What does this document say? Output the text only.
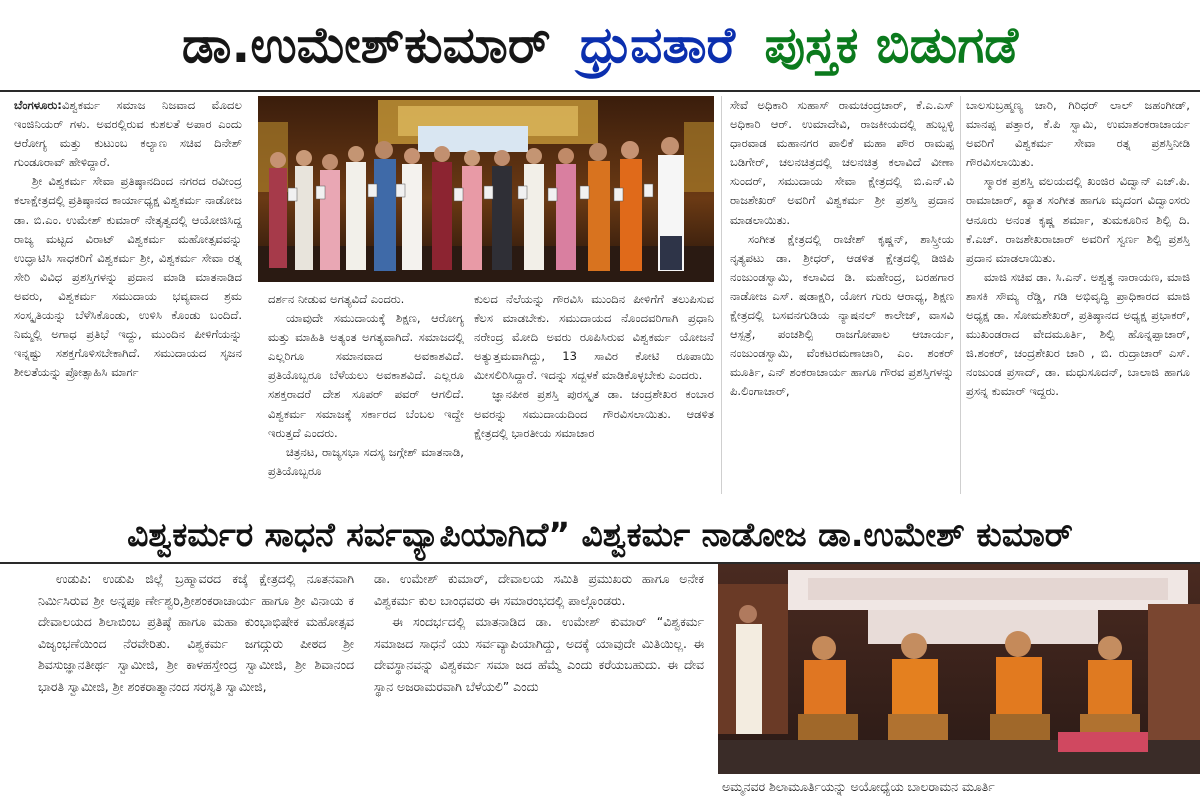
ಡಾ.ಉಮೇಶ್‌ಕುಮಾರ್ ಧ್ರುವತಾರೆ ಪುಸ್ತಕ ಬಿಡುಗಡೆ

ಬೆಂಗಳೂರು:ವಿಶ್ವಕರ್ಮ ಸಮಾಜ ನಿಜವಾದ ಮೊದಲ ಇಂಜಿನಿಯರ್ ಗಳು. ಅವರಲ್ಲಿರುವ ಕುಶಲತೆ ಅಪಾರ ಎಂದು ಆರೋಗ್ಯ ಮತ್ತು ಕುಟುಂಬ ಕಲ್ಯಾಣ ಸಚಿವ ದಿನೇಶ್ ಗುಂಡೂರಾವ್ ಹೇಳಿದ್ದಾರೆ.

ಶ್ರೀ ವಿಶ್ವಕರ್ಮ ಸೇವಾ ಪ್ರತಿಷ್ಠಾನದಿಂದ ನಗರದ ರವೀಂದ್ರ ಕಲಾಕ್ಷೇತ್ರದಲ್ಲಿ ಪ್ರತಿಷ್ಠಾನದ ಕಾರ್ಯಾಧ್ಯಕ್ಷ ವಿಶ್ವಕರ್ಮ ನಾಡೋಜ ಡಾ. ಬಿ.ಎಂ. ಉಮೇಶ್ ಕುಮಾರ್ ನೇತೃತ್ವದಲ್ಲಿ ಆಯೋಜಿಸಿದ್ದ ರಾಜ್ಯ ಮಟ್ಟದ ವಿರಾಟ್ ವಿಶ್ವಕರ್ಮ ಮಹೋತ್ಸವವನ್ನು ಉದ್ಘಾಟಿಸಿ ಸಾಧಕರಿಗೆ ವಿಶ್ವಕರ್ಮ ಶ್ರೀ, ವಿಶ್ವಕರ್ಮ ಸೇವಾ ರತ್ನ ಸೇರಿ ವಿವಿಧ ಪ್ರಶಸ್ತಿಗಳನ್ನು ಪ್ರದಾನ ಮಾಡಿ ಮಾತನಾಡಿದ ಅವರು, ವಿಶ್ವಕರ್ಮ ಸಮುದಾಯ ಭವ್ಯವಾದ ಶ್ರಮ ಸಂಸ್ಕೃತಿಯನ್ನು ಬೆಳೆಸಿಕೊಂಡು, ಉಳಿಸಿ ಕೊಂಡು ಬಂದಿದೆ. ನಿಮ್ಮಲ್ಲಿ ಅಗಾಧ ಪ್ರತಿಭೆ ಇದ್ದು, ಮುಂದಿನ ಪೀಳಿಗೆಯನ್ನು ಇನ್ನಷ್ಟು ಸಶಕ್ತಗೊಳಿಸಬೇಕಾಗಿದೆ. ಸಮುದಾಯದ ಸೃಜನ ಶೀಲತೆಯನ್ನು ಪ್ರೋತ್ಸಾಹಿಸಿ ಮಾರ್ಗ

ದರ್ಶನ ನೀಡುವ ಅಗತ್ಯವಿದೆ ಎಂದರು.

ಯಾವುದೇ ಸಮುದಾಯಕ್ಕೆ ಶಿಕ್ಷಣ, ಆರೋಗ್ಯ ಮತ್ತು ಮಾಹಿತಿ ಅತ್ಯಂತ ಅಗತ್ಯವಾಗಿದೆ. ಸಮಾಜದಲ್ಲಿ ಎಲ್ಲರಿಗೂ ಸಮಾನವಾದ ಅವಕಾಶವಿದೆ. ಪ್ರತಿಯೊಬ್ಬರೂ ಬೆಳೆಯಲು ಅವಕಾಶವಿದೆ. ಎಲ್ಲರೂ ಸಶಕ್ತರಾದರೆ ದೇಶ ಸೂಪರ್ ಪವರ್ ಆಗಲಿದೆ. ವಿಶ್ವಕರ್ಮ ಸಮಾಜಕ್ಕೆ ಸರ್ಕಾರದ ಬೆಂಬಲ ಇದ್ದೇ ಇರುತ್ತದೆ ಎಂದರು.

ಚಿತ್ರನಟ, ರಾಜ್ಯಸಭಾ ಸದಸ್ಯ ಜಗ್ಗೇಶ್ ಮಾತನಾಡಿ, ಪ್ರತಿಯೊಬ್ಬರೂ

ಕುಲದ ನೆಲೆಯನ್ನು ಗೌರವಿಸಿ ಮುಂದಿನ ಪೀಳಿಗೆಗೆ ತಲುಪಿಸುವ ಕೆಲಸ ಮಾಡಬೇಕು. ಸಮುದಾಯದ ನೊಂದವರಿಗಾಗಿ ಪ್ರಧಾನಿ ನರೇಂದ್ರ ಮೋದಿ ಅವರು ರೂಪಿಸಿರುವ ವಿಶ್ವಕರ್ಮ ಯೋಜನೆ ಅತ್ಯುತ್ತಮವಾಗಿದ್ದು, 13 ಸಾವಿರ ಕೋಟಿ ರೂಪಾಯಿ ಮೀಸಲಿರಿಸಿದ್ದಾರೆ. ಇದನ್ನು ಸದ್ಬಳಕೆ ಮಾಡಿಕೊಳ್ಳಬೇಕು ಎಂದರು.

ಜ್ಞಾನಪೀಠ ಪ್ರಶಸ್ತಿ ಪುರಸ್ಕೃತ ಡಾ. ಚಂದ್ರಶೇಖರ ಕಂಬಾರ ಅವರನ್ನು ಸಮುದಾಯದಿಂದ ಗೌರವಿಸಲಾಯಿತು. ಆಡಳಿತ ಕ್ಷೇತ್ರದಲ್ಲಿ ಭಾರತೀಯ ಸಮಾಚಾರ

ಸೇವೆ ಅಧಿಕಾರಿ ಸುಹಾಸ್ ರಾಮಚಂದ್ರಚಾರ್, ಕೆ.ಎ.ಎಸ್ ಅಧಿಕಾರಿ ಆರ್. ಉಮಾದೇವಿ, ರಾಜಕೀಯದಲ್ಲಿ ಹುಬ್ಬಳ್ಳಿ ಧಾರವಾಡ ಮಹಾನಗರ ಪಾಲಿಕೆ ಮಹಾ ಪೌರ ರಾಮಪ್ಪ ಬಡಿಗೇರ್, ಚಲನಚಿತ್ರದಲ್ಲಿ ಚಲನಚಿತ್ರ ಕಲಾವಿದೆ ವೀಣಾ ಸುಂದರ್, ಸಮುದಾಯ ಸೇವಾ ಕ್ಷೇತ್ರದಲ್ಲಿ ಬಿ.ಎನ್.ವಿ ರಾಜಶೇಖರ್ ಅವರಿಗೆ ವಿಶ್ವಕರ್ಮ ಶ್ರೀ ಪ್ರಶಸ್ತಿ ಪ್ರದಾನ ಮಾಡಲಾಯಿತು.

ಸಂಗೀತ ಕ್ಷೇತ್ರದಲ್ಲಿ ರಾಜೇಶ್ ಕೃಷ್ಣನ್, ಶಾಸ್ತ್ರೀಯ ನೃತ್ಯಪಟು ಡಾ. ಶ್ರೀಧರ್, ಆಡಳಿತ ಕ್ಷೇತ್ರದಲ್ಲಿ ಡಿಜಿಪಿ ನಂಜುಂಡಸ್ವಾಮಿ, ಕಲಾವಿದ ಡಿ. ಮಹೇಂದ್ರ, ಬರಹಗಾರ ನಾಡೋಜ ಎಸ್. ಷಡಾಕ್ಷರಿ, ಯೋಗ ಗುರು ಆರಾಧ್ಯ, ಶಿಕ್ಷಣ ಕ್ಷೇತ್ರದಲ್ಲಿ ಬಸವನಗುಡಿಯ ನ್ಯಾಷನಲ್ ಕಾಲೇಜ್, ವಾಸವಿ ಆಸ್ಪತ್ರೆ, ಪಂಚಶಿಲ್ಪಿ ರಾಜಗೋಪಾಲ ಆಚಾರ್ಯ, ನಂಜುಂಡಸ್ವಾಮಿ, ವೆಂಕಟರಮಣಾಚಾರಿ, ಎಂ. ಶಂಕರ್ ಮೂರ್ತಿ, ಎನ್ ಶಂಕರಾಚಾರ್ಯ ಹಾಗೂ ಗೌರವ ಪ್ರಶಸ್ತಿಗಳನ್ನು ಪಿ.ಲಿಂಗಾಚಾರ್,

ಬಾಲಸುಬ್ರಹ್ಮಣ್ಯ ಚಾರಿ, ಗಿರಿಧರ್ ಲಾಲ್ ಜಹಂಗೀಡ್, ಮಾನಪ್ಪ ಪತ್ತಾರ, ಕೆ.ಪಿ ಸ್ವಾಮಿ, ಉಮಾಶಂಕರಾಚಾರ್ಯ ಅವರಿಗೆ ವಿಶ್ವಕರ್ಮ ಸೇವಾ ರತ್ನ ಪ್ರಶಸ್ತಿನೀಡಿ ಗೌರವಿಸಲಾಯಿತು.

ಸ್ಮಾರಕ ಪ್ರಶಸ್ತಿ ವಲಯದಲ್ಲಿ ಖಂಜಿರ ವಿದ್ವಾನ್ ಎಚ್.ಪಿ. ರಾಮಾಚಾರ್, ಖ್ಯಾತ ಸಂಗೀತ ಹಾಗೂ ಮೃದಂಗ ವಿದ್ವಾಂಸರು ಆನೂರು ಅನಂತ ಕೃಷ್ಣ ಶರ್ಮಾ, ತುಮಕೂರಿನ ಶಿಲ್ಪಿ ದಿ. ಕೆ.ಎಚ್. ರಾಜಶೇಖರಾಚಾರ್ ಅವರಿಗೆ ಸ್ವರ್ಣ ಶಿಲ್ಪಿ ಪ್ರಶಸ್ತಿ ಪ್ರದಾನ ಮಾಡಲಾಯಿತು.

ಮಾಜಿ ಸಚಿವ ಡಾ. ಸಿ.ಎನ್. ಅಶ್ವತ್ಥ ನಾರಾಯಣ, ಮಾಜಿ ಶಾಸಕಿ ಸೌಮ್ಯ ರೆಡ್ಡಿ, ಗಡಿ ಅಭಿವೃದ್ಧಿ ಪ್ರಾಧಿಕಾರದ ಮಾಜಿ ಅಧ್ಯಕ್ಷ ಡಾ. ಸೋಮಶೇಖರ್, ಪ್ರತಿಷ್ಠಾನದ ಅಧ್ಯಕ್ಷ ಪ್ರಭಾಕರ್, ಮುಖಂಡರಾದ ವೇದಮೂರ್ತಿ, ಶಿಲ್ಪಿ ಹೊನ್ನಪ್ಪಾಚಾರ್, ಜಿ.ಶಂಕರ್, ಚಂದ್ರಶೇಖರ ಚಾರಿ , ಬಿ. ರುದ್ರಾಚಾರ್ ಎಸ್. ನಂಜುಂಡ ಪ್ರಸಾದ್, ಡಾ. ಮಧುಸೂದನ್, ಬಾಲಾಜಿ ಹಾಗೂ ಪ್ರಸನ್ನ ಕುಮಾರ್ ಇದ್ದರು.

ವಿಶ್ವಕರ್ಮರ ಸಾಧನೆ ಸರ್ವವ್ಯಾಪಿಯಾಗಿದೆ” ವಿಶ್ವಕರ್ಮ ನಾಡೋಜ ಡಾ.ಉಮೇಶ್ ಕುಮಾರ್

ಉಡುಪಿ: ಉಡುಪಿ ಜಿಲ್ಲೆ ಬ್ರಹ್ಮಾವರದ ಕಜ್ಕೆ ಕ್ಷೇತ್ರದಲ್ಲಿ ನೂತನವಾಗಿ ನಿರ್ಮಿಸಿರುವ ಶ್ರೀ ಅನ್ನಪೂ ರ್ಣೇಶ್ವರಿ,ಶ್ರೀಶಂಕರಾಚಾರ್ಯ ಹಾಗೂ ಶ್ರೀ ವಿನಾಯ ಕ ದೇವಾಲಯದ ಶಿಲಾಬಿಂಬ ಪ್ರತಿಷ್ಠೆ ಹಾಗೂ ಮಹಾ ಕುಂಭಾಭಿಷೇಕ ಮಹೋತ್ಸವ ವಿಜೃಂಭಣೆಯಿಂದ ನೆರವೇರಿತು. ವಿಶ್ವಕರ್ಮ ಜಗದ್ಗುರು ಪೀಠದ ಶ್ರೀ ಶಿವಸುಜ್ಞಾನತೀರ್ಥ ಸ್ವಾಮೀಜಿ, ಶ್ರೀ ಕಾಳಹಸ್ತೇಂದ್ರ ಸ್ವಾಮೀಜಿ, ಶ್ರೀ ಶಿವಾನಂದ ಭಾರತಿ ಸ್ವಾಮೀಜಿ, ಶ್ರೀ ಶಂಕರಾತ್ಮಾನಂದ ಸರಸ್ವತಿ ಸ್ವಾಮೀಜಿ,

ಡಾ. ಉಮೇಶ್ ಕುಮಾರ್, ದೇವಾಲಯ ಸಮಿತಿ ಪ್ರಮುಖರು ಹಾಗೂ ಅನೇಕ ವಿಶ್ವಕರ್ಮ ಕುಲ ಬಾಂಧವರು ಈ ಸಮಾರಂಭದಲ್ಲಿ ಪಾಲ್ಗೊಂಡರು.

ಈ ಸಂದರ್ಭದಲ್ಲಿ ಮಾತನಾಡಿದ ಡಾ. ಉಮೇಶ್ ಕುಮಾರ್ “ವಿಶ್ವಕರ್ಮ ಸಮಾಜದ ಸಾಧನೆ ಯು ಸರ್ವವ್ಯಾಪಿಯಾಗಿದ್ದು, ಅದಕ್ಕೆ ಯಾವುದೇ ಮಿತಿಯಿಲ್ಲ. ಈ ದೇವಸ್ಥಾನವನ್ನು ವಿಶ್ವಕರ್ಮ ಸಮಾ ಜದ ಹೆಮ್ಮೆ ಎಂದು ಕರೆಯಬಹುದು. ಈ ದೇವ ಸ್ಥಾನ ಅಜರಾಮರವಾಗಿ ಬೆಳೆಯಲಿ” ಎಂದು

ಅಮ್ಮನವರ ಶಿಲಾಮೂರ್ತಿಯನ್ನು ಅಯೋಧ್ಯೆಯ ಬಾಲರಾಮನ ಮೂರ್ತಿ
